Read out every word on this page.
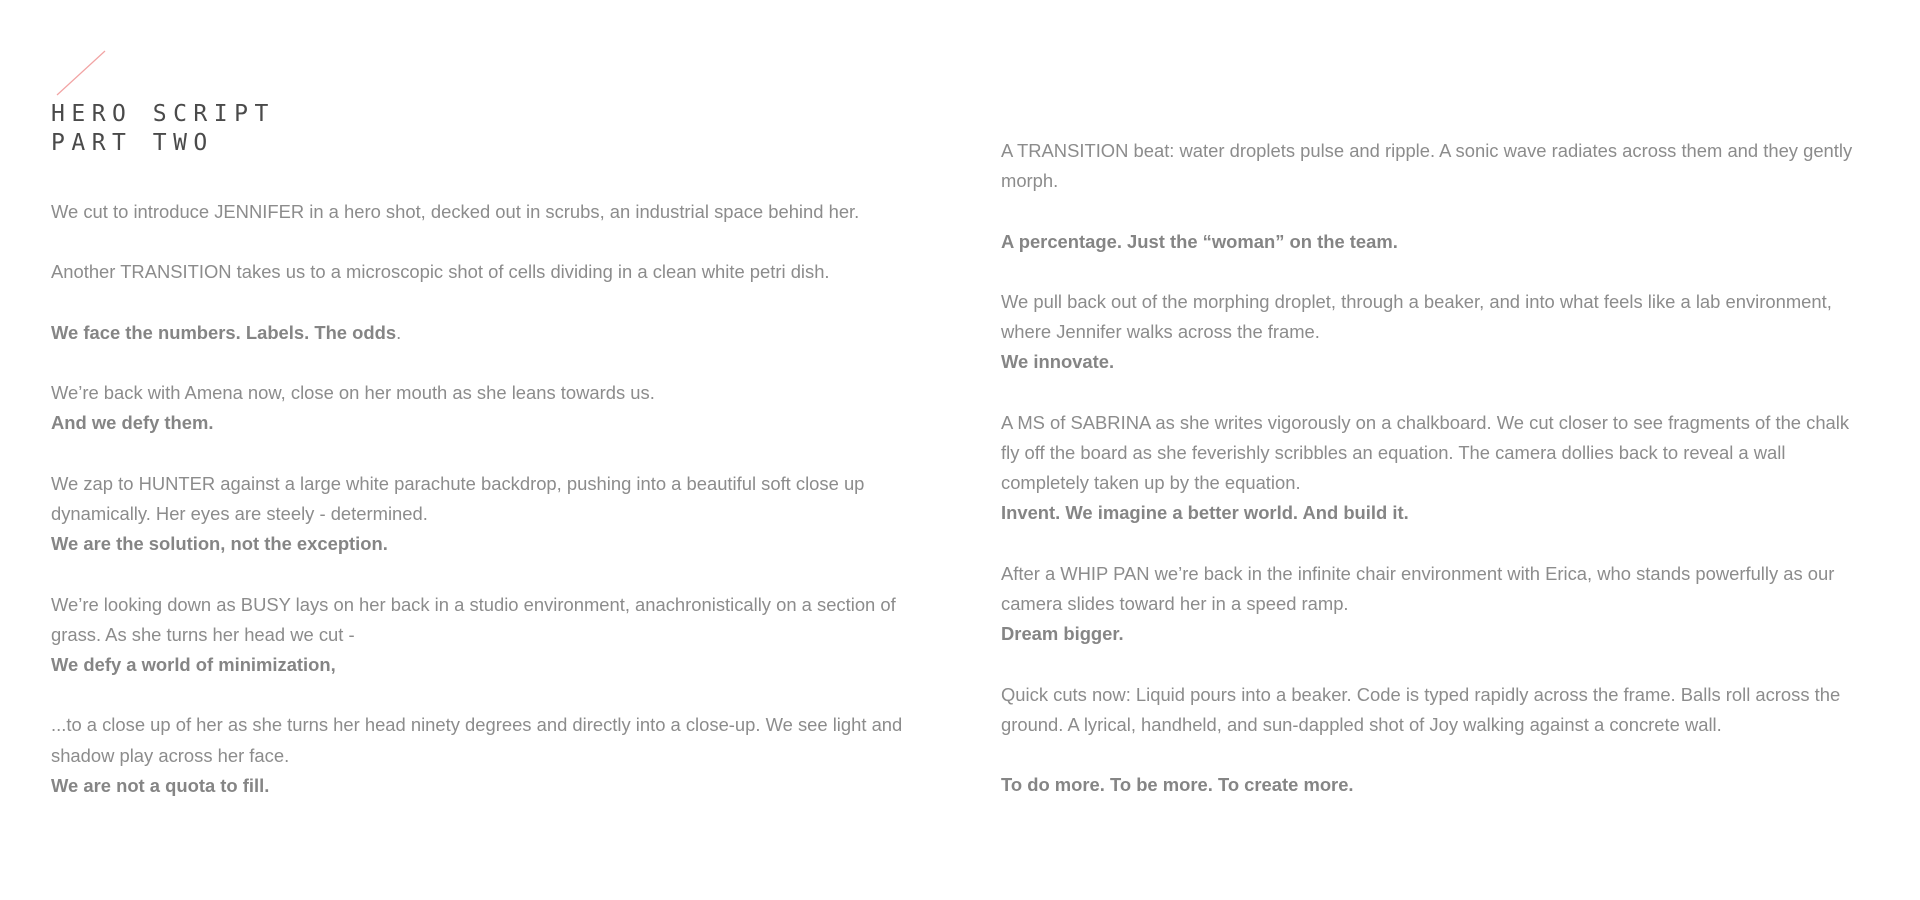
HERO SCRIPT
PART TWO
We cut to introduce JENNIFER in a hero shot, decked out in scrubs, an industrial space behind her.
Another TRANSITION takes us to a microscopic shot of cells dividing in a clean white petri dish.
We face the numbers. Labels. The odds.
We’re back with Amena now, close on her mouth as she leans towards us.
And we defy them.
We zap to HUNTER against a large white parachute backdrop, pushing into a beautiful soft close up
dynamically. Her eyes are steely - determined.
We are the solution, not the exception.
We’re looking down as BUSY lays on her back in a studio environment, anachronistically on a section of
grass. As she turns her head we cut -
We defy a world of minimization,
...to a close up of her as she turns her head ninety degrees and directly into a close-up. We see light and
shadow play across her face.
We are not a quota to fill.
A TRANSITION beat: water droplets pulse and ripple. A sonic wave radiates across them and they gently
morph.
A percentage. Just the “woman” on the team.
We pull back out of the morphing droplet, through a beaker, and into what feels like a lab environment,
where Jennifer walks across the frame.
We innovate.
A MS of SABRINA as she writes vigorously on a chalkboard. We cut closer to see fragments of the chalk
fly off the board as she feverishly scribbles an equation. The camera dollies back to reveal a wall
completely taken up by the equation.
Invent. We imagine a better world. And build it.
After a WHIP PAN we’re back in the infinite chair environment with Erica, who stands powerfully as our
camera slides toward her in a speed ramp.
Dream bigger.
Quick cuts now: Liquid pours into a beaker. Code is typed rapidly across the frame. Balls roll across the
ground. A lyrical, handheld, and sun-dappled shot of Joy walking against a concrete wall.
To do more. To be more. To create more.
